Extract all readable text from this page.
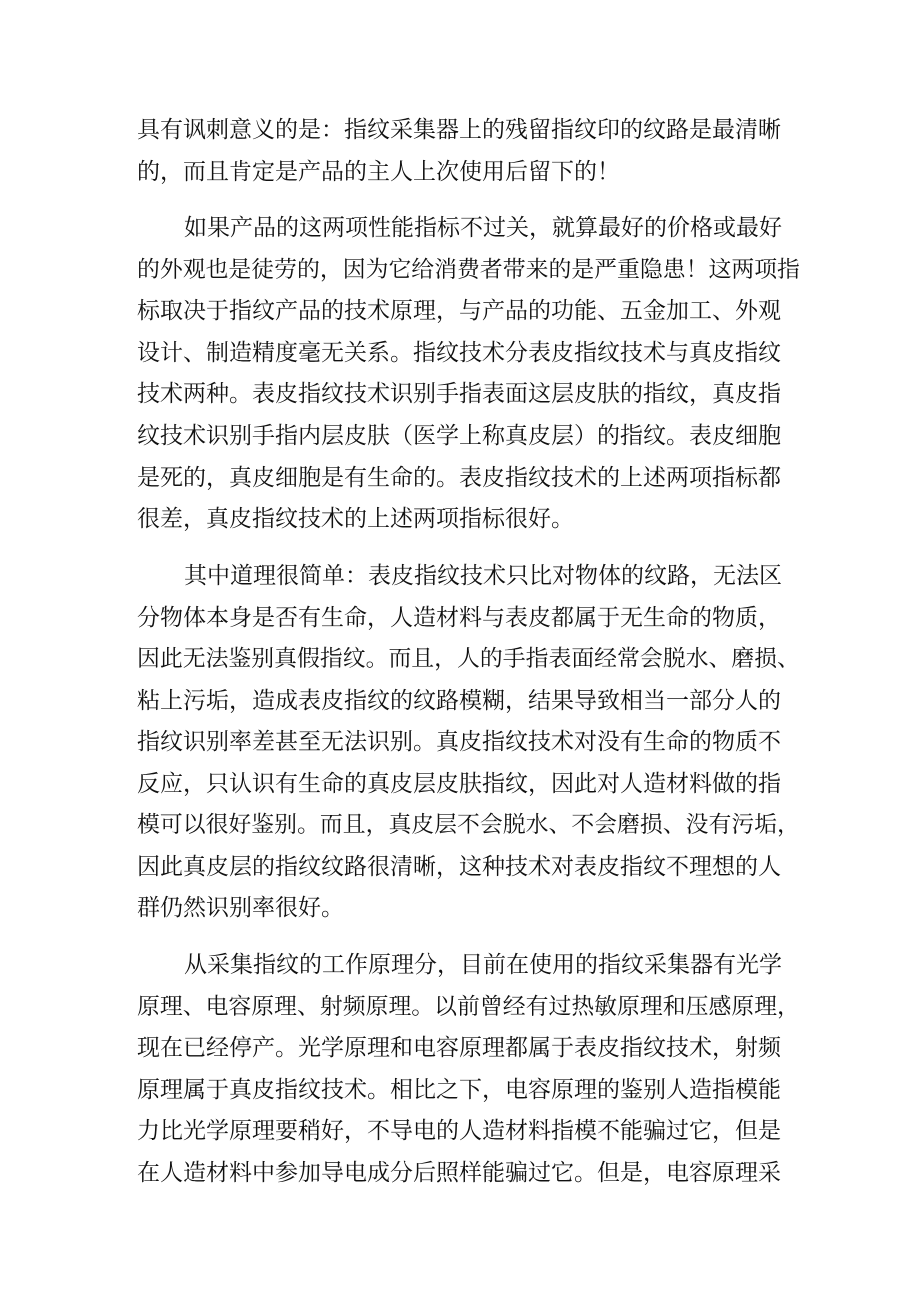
具有讽刺意义的是：指纹采集器上的残留指纹印的纹路是最清晰
的，而且肯定是产品的主人上次使用后留下的！
如果产品的这两项性能指标不过关，就算最好的价格或最好
的外观也是徒劳的，因为它给消费者带来的是严重隐患！这两项指
标取决于指纹产品的技术原理，与产品的功能、五金加工、外观
设计、制造精度毫无关系。指纹技术分表皮指纹技术与真皮指纹
技术两种。表皮指纹技术识别手指表面这层皮肤的指纹，真皮指
纹技术识别手指内层皮肤（医学上称真皮层）的指纹。表皮细胞
是死的，真皮细胞是有生命的。表皮指纹技术的上述两项指标都
很差，真皮指纹技术的上述两项指标很好。
其中道理很简单：表皮指纹技术只比对物体的纹路，无法区
分物体本身是否有生命，人造材料与表皮都属于无生命的物质，
因此无法鉴别真假指纹。而且，人的手指表面经常会脱水、磨损、
粘上污垢，造成表皮指纹的纹路模糊，结果导致相当一部分人的
指纹识别率差甚至无法识别。真皮指纹技术对没有生命的物质不
反应，只认识有生命的真皮层皮肤指纹，因此对人造材料做的指
模可以很好鉴别。而且，真皮层不会脱水、不会磨损、没有污垢，
因此真皮层的指纹纹路很清晰，这种技术对表皮指纹不理想的人
群仍然识别率很好。
从采集指纹的工作原理分，目前在使用的指纹采集器有光学
原理、电容原理、射频原理。以前曾经有过热敏原理和压感原理，
现在已经停产。光学原理和电容原理都属于表皮指纹技术，射频
原理属于真皮指纹技术。相比之下，电容原理的鉴别人造指模能
力比光学原理要稍好，不导电的人造材料指模不能骗过它，但是
在人造材料中参加导电成分后照样能骗过它。但是，电容原理采
